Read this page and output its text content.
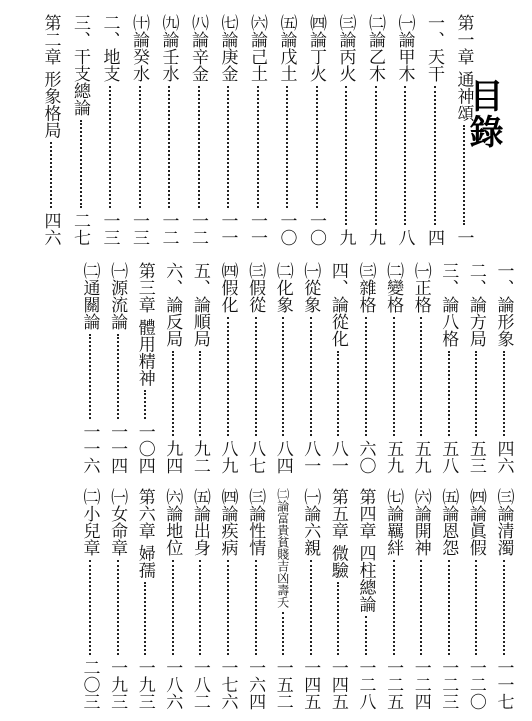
目錄
第一章 通神頌
一
一、天干
四
㈠論甲木
八
㈡論乙木
九
㈢論丙火
九
㈣論丁火
一〇
㈤論戊土
一〇
㈥論己土
一一
㈦論庚金
一一
㈧論辛金
一二
㈨論壬水
一二
㈩論癸水
一三
二、地支
一三
三、干支總論
二七
第二章 形象格局
四六
一、論形象
四六
二、論方局
五三
三、論八格
五八
㈠正格
五九
㈡變格
五九
㈢雜格
六〇
四、論從化
八一
㈠從象
八一
㈡化象
八四
㈢假從
八七
㈣假化
八九
五、論順局
九二
六、論反局
九四
第三章 體用精神
一〇四
㈠源流論
一一四
㈡通關論
一一六
㈢論清濁
一一七
㈣論眞假
一二〇
㈤論恩怨
一二三
㈥論開神
一二四
㈦論羈絆
一二五
第四章 四柱總論
一二八
第五章 微驗
一四五
㈠論六親
一四五
㈡論富貴貧賤吉凶壽夭
一五二
㈢論性情
一六四
㈣論疾病
一七六
㈤論出身
一八二
㈥論地位
一八六
第六章 婦孺
一九三
㈠女命章
一九三
㈡小兒章
二〇三
